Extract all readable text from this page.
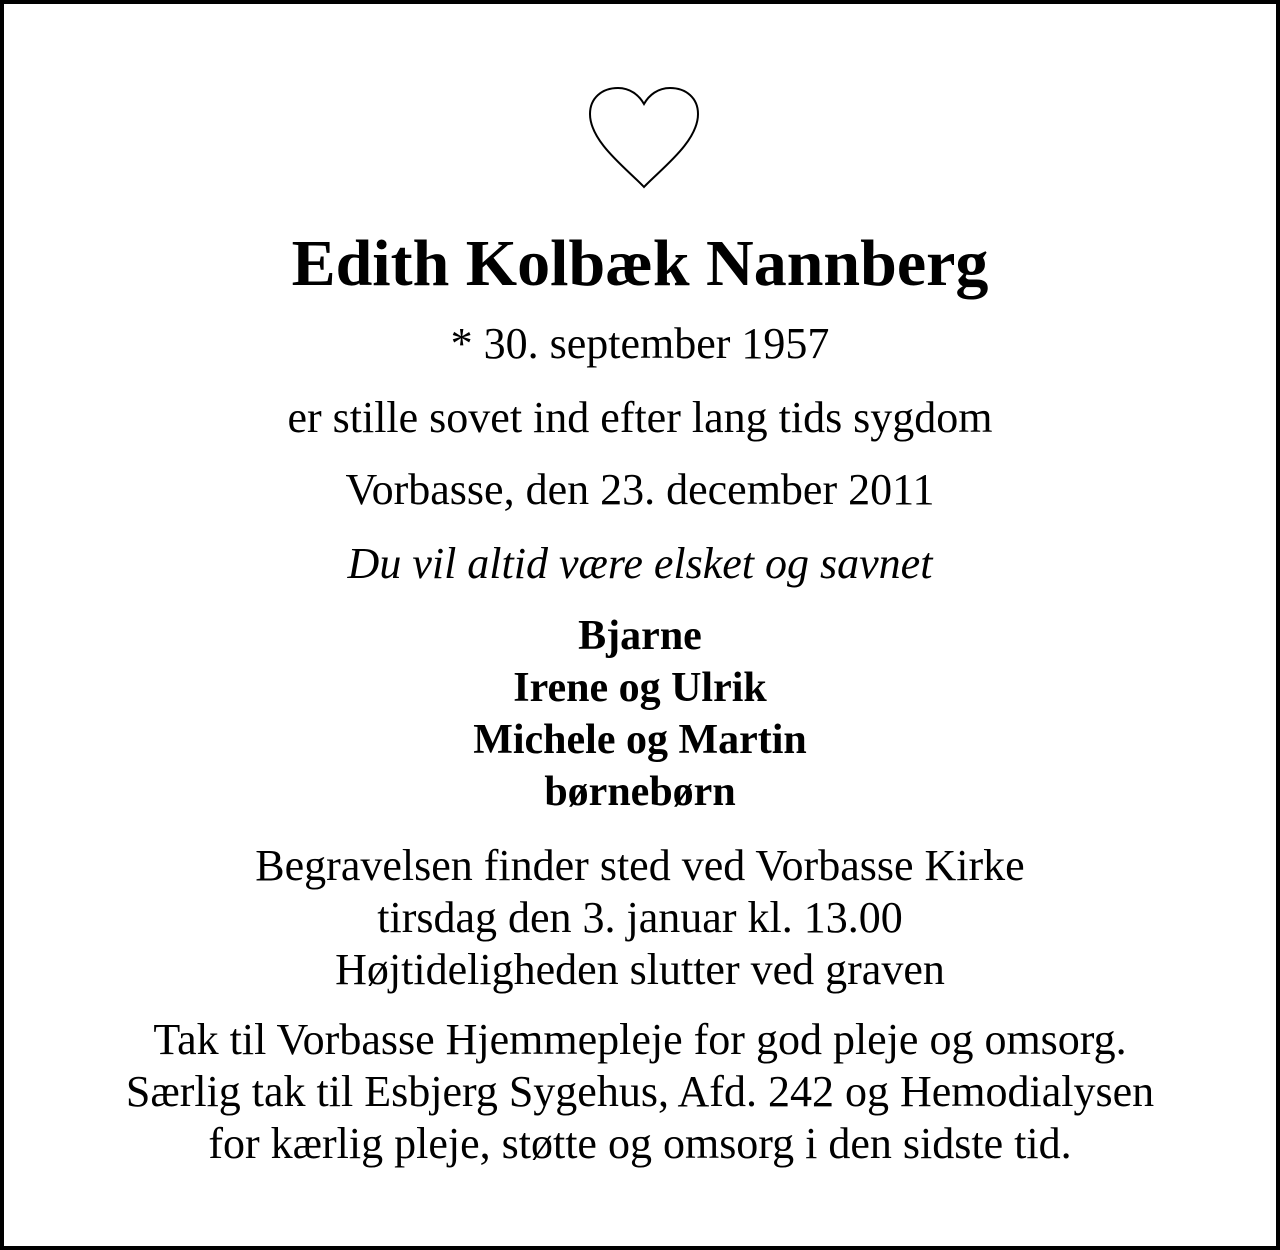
Edith Kolbæk Nannberg
* 30. september 1957
er stille sovet ind efter lang tids sygdom
Vorbasse, den 23. december 2011
Du vil altid være elsket og savnet
Bjarne
Irene og Ulrik
Michele og Martin
børnebørn
Begravelsen finder sted ved Vorbasse Kirke
tirsdag den 3. januar kl. 13.00
Højtideligheden slutter ved graven
Tak til Vorbasse Hjemmepleje for god pleje og omsorg.
Særlig tak til Esbjerg Sygehus, Afd. 242 og Hemodialysen
for kærlig pleje, støtte og omsorg i den sidste tid.
